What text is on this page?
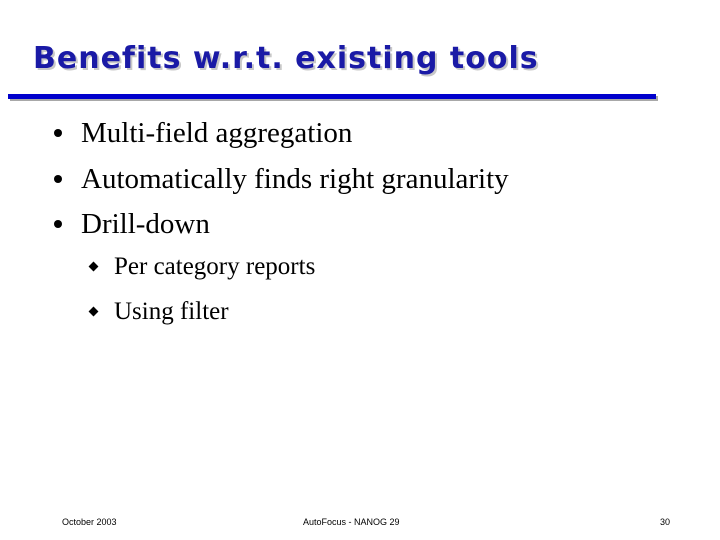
Benefits w.r.t. existing tools
Multi-field aggregation
Automatically finds right granularity
Drill-down
Per category reports
Using filter
October 2003	AutoFocus - NANOG 29	30
